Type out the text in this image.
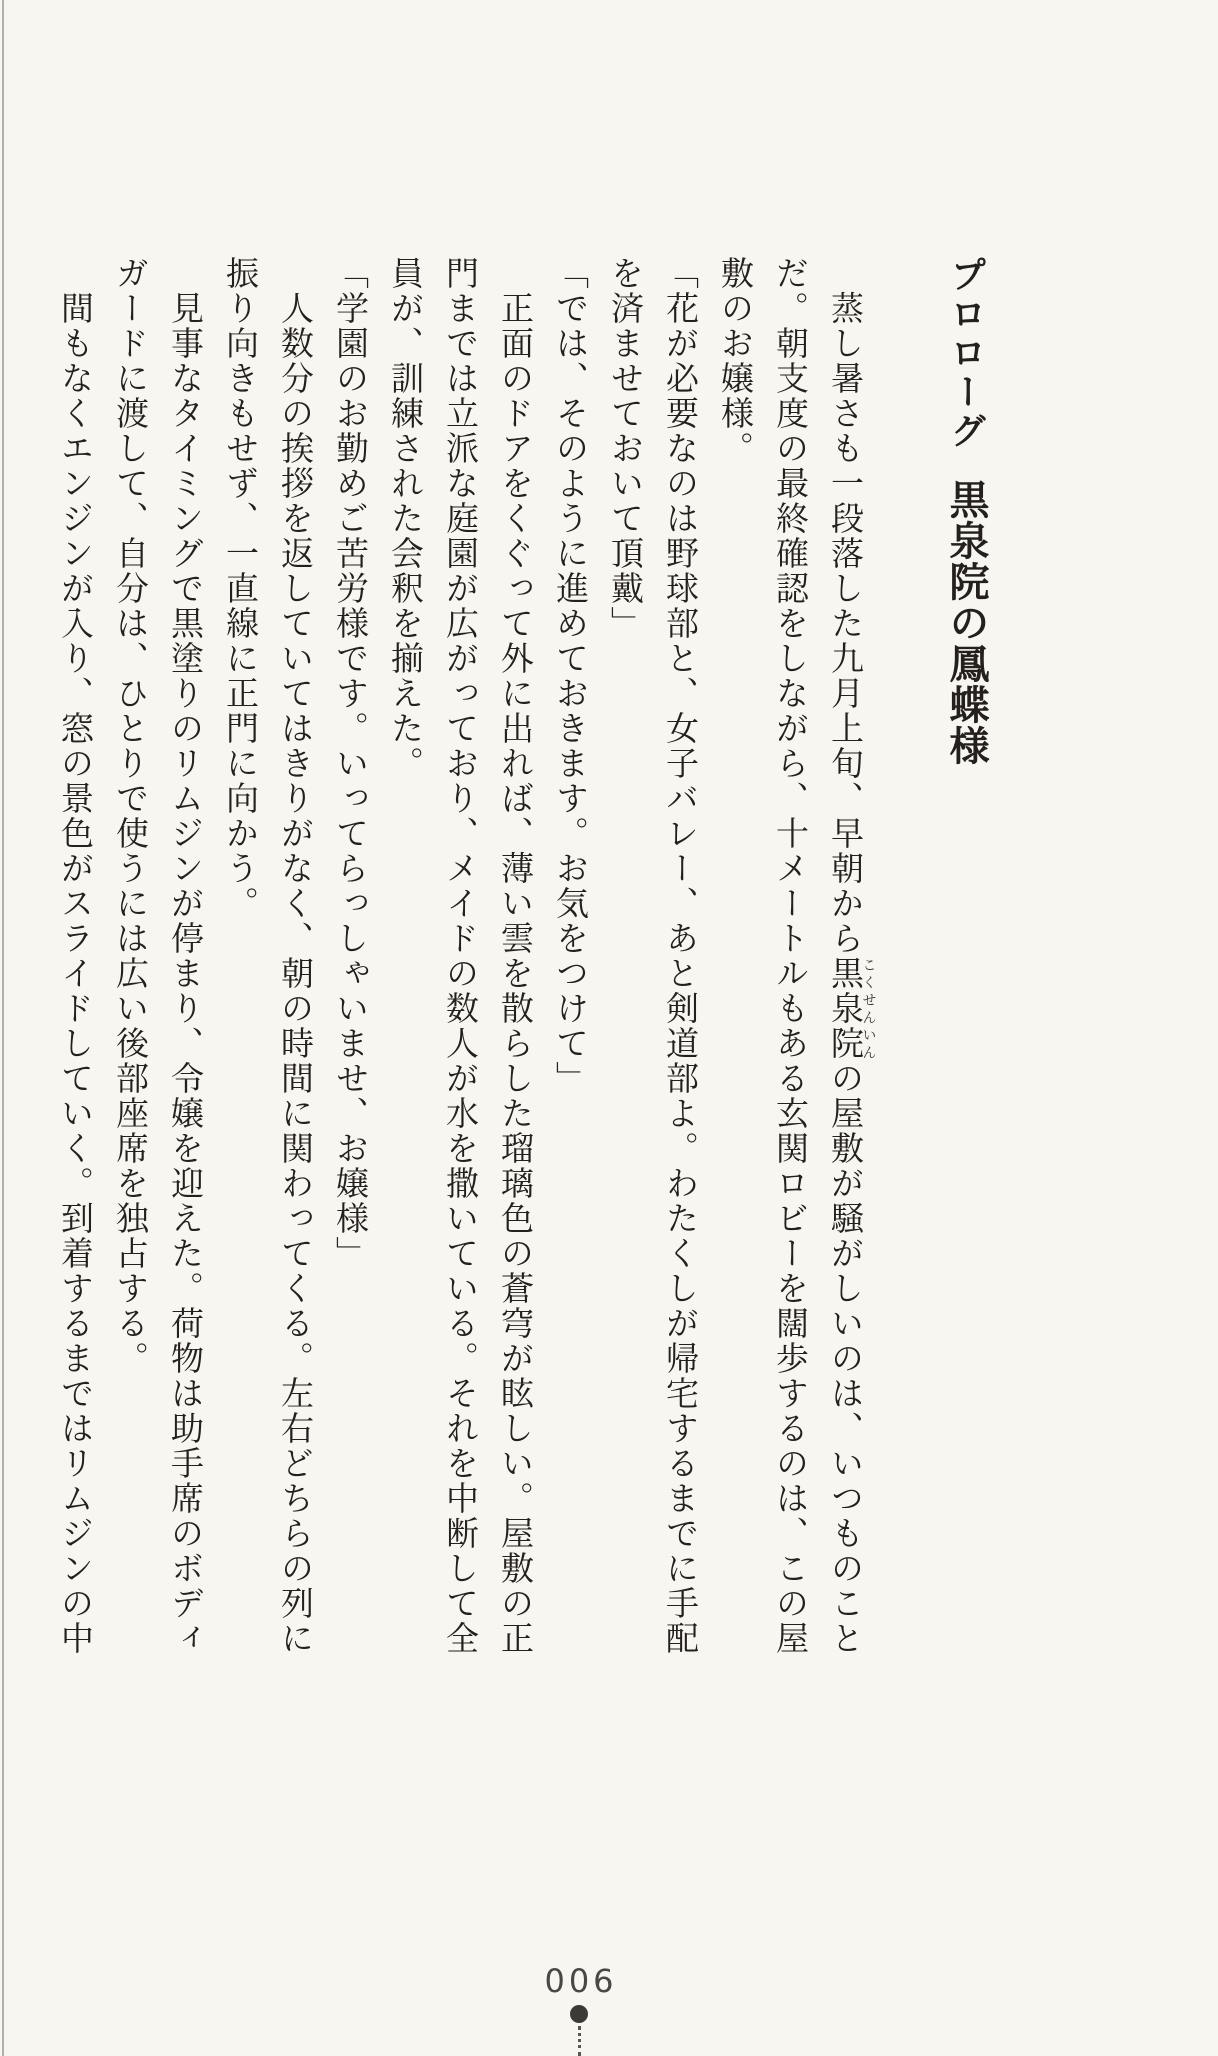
プロローグ黒泉院の鳳蝶様

　蒸し暑さも一段落した九月上旬、早朝から黒泉院こくせんいんの屋敷が騒がしいのは、いつものこと

だ。朝支度の最終確認をしながら、十メートルもある玄関ロビーを闊歩するのは、この屋

敷のお嬢様。

「花が必要なのは野球部と、女子バレー、あと剣道部よ。わたくしが帰宅するまでに手配

を済ませておいて頂戴」

「では、そのように進めておきます。お気をつけて」

　正面のドアをくぐって外に出れば、薄い雲を散らした瑠璃色の蒼穹が眩しい。屋敷の正

門までは立派な庭園が広がっており、メイドの数人が水を撒いている。それを中断して全

員が、訓練された会釈を揃えた。

「学園のお勤めご苦労様です。いってらっしゃいませ、お嬢様」

　人数分の挨拶を返していてはきりがなく、朝の時間に関わってくる。左右どちらの列に

振り向きもせず、一直線に正門に向かう。

　見事なタイミングで黒塗りのリムジンが停まり、令嬢を迎えた。荷物は助手席のボディ

ガードに渡して、自分は、ひとりで使うには広い後部座席を独占する。

　間もなくエンジンが入り、窓の景色がスライドしていく。到着するまではリムジンの中

006
